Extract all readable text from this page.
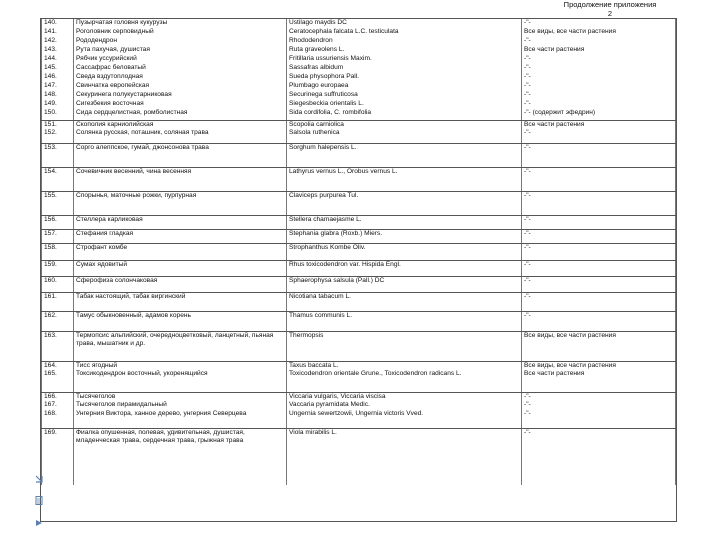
Продолжение приложения
2
140.	Пузырчатая головня кукурузы	Ustilago maydis DC	-"-
141.	Роголовник серповидный	Ceratocephala falcata L.C. testiculata	Все виды, все части растения
142.	Рододендрон	Rhododendron	-"-
143.	Рута пахучая, душистая	Ruta graveolens L.	Все части растения
144.	Рябчик уссурийский	Fritillaria ussuriensis Maxim.	-"-
145.	Сассафрас беловатый	Sassafras albidum	-"-
146.	Сведа вздутоплодная	Sueda physophora Pall.	-"-
147.	Свинчатка европейская	Plumbago europaea	-"-
148.	Секуринега полукустарниковая	Securinega suffruticosa	-"-
149.	Сигезбекия восточная	Siegesbeckia orientalis L.	-"-
150.	Сида сердцелистная, ромболистная	Sida cordifolia, C. rombifolia	-"- (содержит эфедрин)
151.	Скополия карниолийская	Scopolia carniolica	Все части растения
152.	Солянка русская, поташник, соляная трава	Salsola ruthenica	-"-
153.	Сорго алеппское, гумай, джонсонова трава	Sorghum halepensis L.	-"-
154.	Сочевичник весенний, чина весенняя	Lathyrus vernus L., Orobus vernus L.	-"-
155.	Спорынья, маточные рожки, пурпурная	Claviceps purpurea Tul.	-"-
156.	Стеллера карликовая	Stellera chamaejasme L.	-"-
157.	Стефания гладкая	Stephania glabra (Roxb.) Miers.	-"-
158.	Строфант комбе	Strophanthus Kombe Oliv.	-"-
159.	Сумах ядовитый	Rhus toxicodendron var. Hispida Engl.	-"-
160.	Сферофиза солончаковая	Sphaerophysa salsula (Pall.) DC	-"-
161.	Табак настоящий, табак виргинский	Nicotiana tabacum L.	-"-
162.	Тамус обыкновенный, адамов корень	Thamus communis L.	-"-
163.	Термопсис альпийский, очередноцветковый, ланцетный, пьяная трава, мышатник и др.	Thermopsis	Все виды, все части растения
164.	Тисс ягодный	Taxus baccata L.	Все виды, все части растения
165.	Токсикодендрон восточный, укоренящийся	Toxicodendron orientale Grune., Toxicodendron radicans L.	Все части растения
166.	Тысячеголов	Viccaria vulgaris, Viccaria viscisa	-"-
167.	Тысячеголов пирамидальный	Vaccaria pyramidata Medic.	-"-
168.	Унгерния Виктора, ханное дерево, унгерния Северцева	Ungernia sewertzowii, Ungernia victoris Vved.	-"-
169.	Фиалка опушенная, полевая, удивительная, душистая, младенческая трава, сердечная трава, грыжная трава	Viola mirabilis L.	-"-
